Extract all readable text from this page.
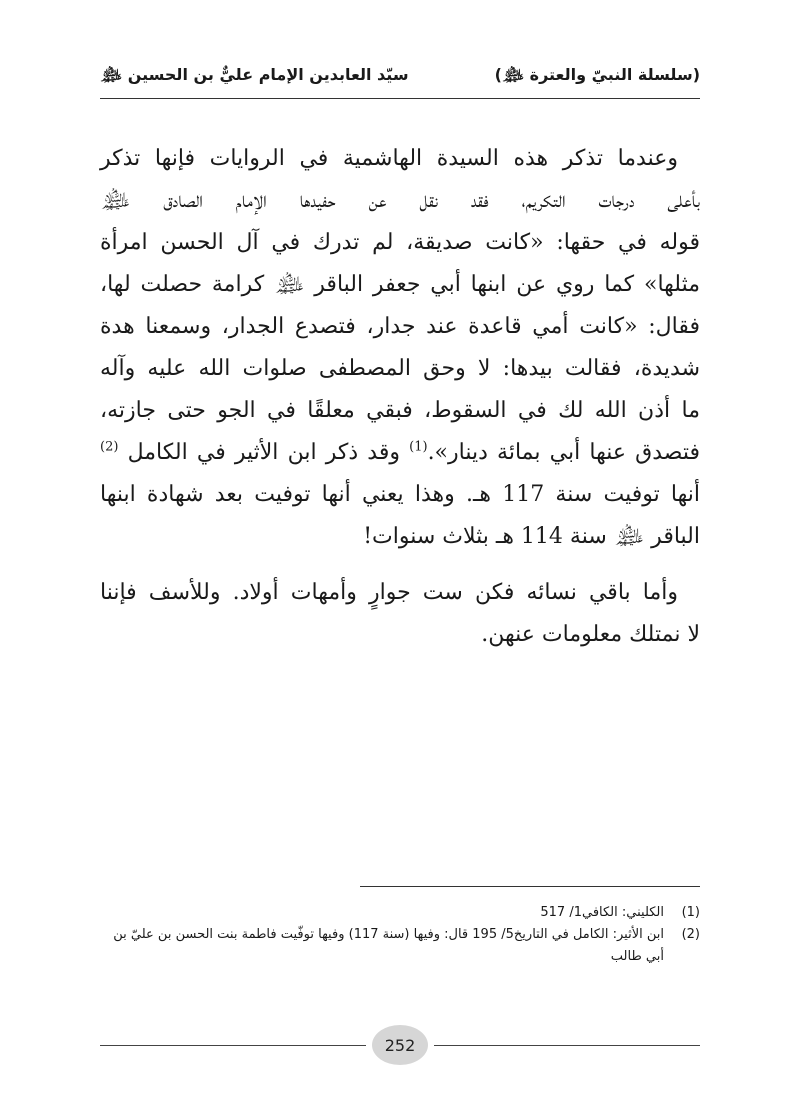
(سلسلة النبيّ والعترة ﵈)
سيّد العابدين الإمام عليٌّ بن الحسين ﵈
وعندما تذكر هذه السيدة الهاشمية في الروايات فإنها تذكر
بأعلى درجات التكريم، فقد نقل عن حفيدها الإمام الصادق ﵈
قوله في حقها: «كانت صديقة، لم تدرك في آل الحسن امرأة
مثلها» كما روي عن ابنها أبي جعفر الباقر ﵈ كرامة حصلت لها،
فقال: «كانت أمي قاعدة عند جدار، فتصدع الجدار، وسمعنا هدة
شديدة، فقالت بيدها: لا وحق المصطفى صلوات الله عليه وآله
ما أذن الله لك في السقوط، فبقي معلقًا في الجو حتى جازته،
فتصدق عنها أبي بمائة دينار».$^{(1)}$ وقد ذكر ابن الأثير في الكامل $^{(2)}$
أنها توفيت سنة 117 هـ. وهذا يعني أنها توفيت بعد شهادة ابنها
الباقر ﵈ سنة 114 هـ بثلاث سنوات!
وأما باقي نسائه فكن ست جوارٍ وأمهات أولاد. وللأسف فإننا
لا نمتلك معلومات عنهن.
(1)
الكليني: الكافي1/ 517
(2)
ابن الأثير: الكامل في التاريخ5/ 195 قال: وفيها (سنة 117) وفيها توفّيت فاطمة بنت الحسن بن عليّ بن أبي طالب
252
